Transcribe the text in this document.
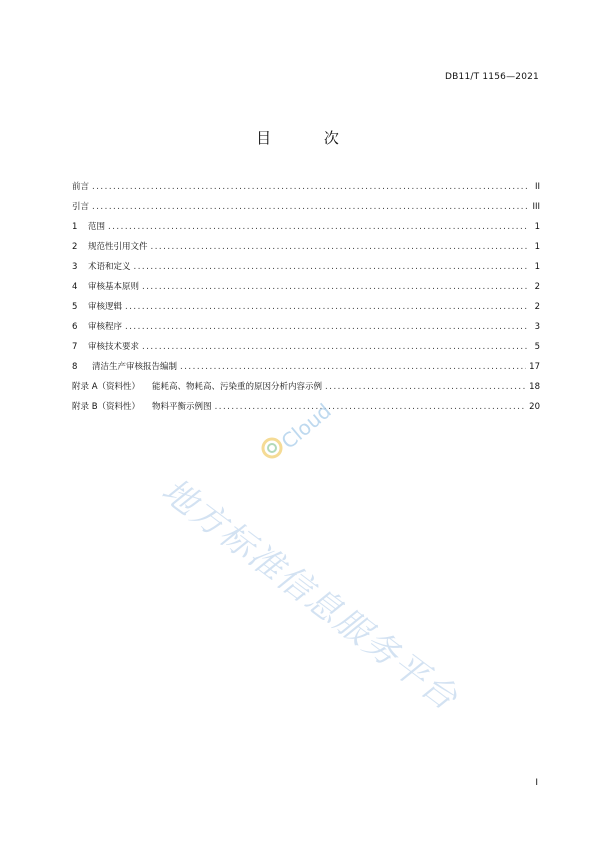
DB11/T 1156—2021
目 次
前言 . . .	II
引言 . . .	III
1	范围 . . .	1
2	规范性引用文件 . . .	1
3	术语和定义 . . .	1
4	审核基本原则 . . .	2
5	审核逻辑 . . .	2
6	审核程序 . . .	3
7	审核技术要求 . . .	5
8	清洁生产审核报告编制 . . .	17
附录 A（资料性） 能耗高、物耗高、污染重的原因分析内容示例 . . .	18
附录 B（资料性） 物料平衡示例图 . . .	20
Cloud
地方标准信息服务平台
I
